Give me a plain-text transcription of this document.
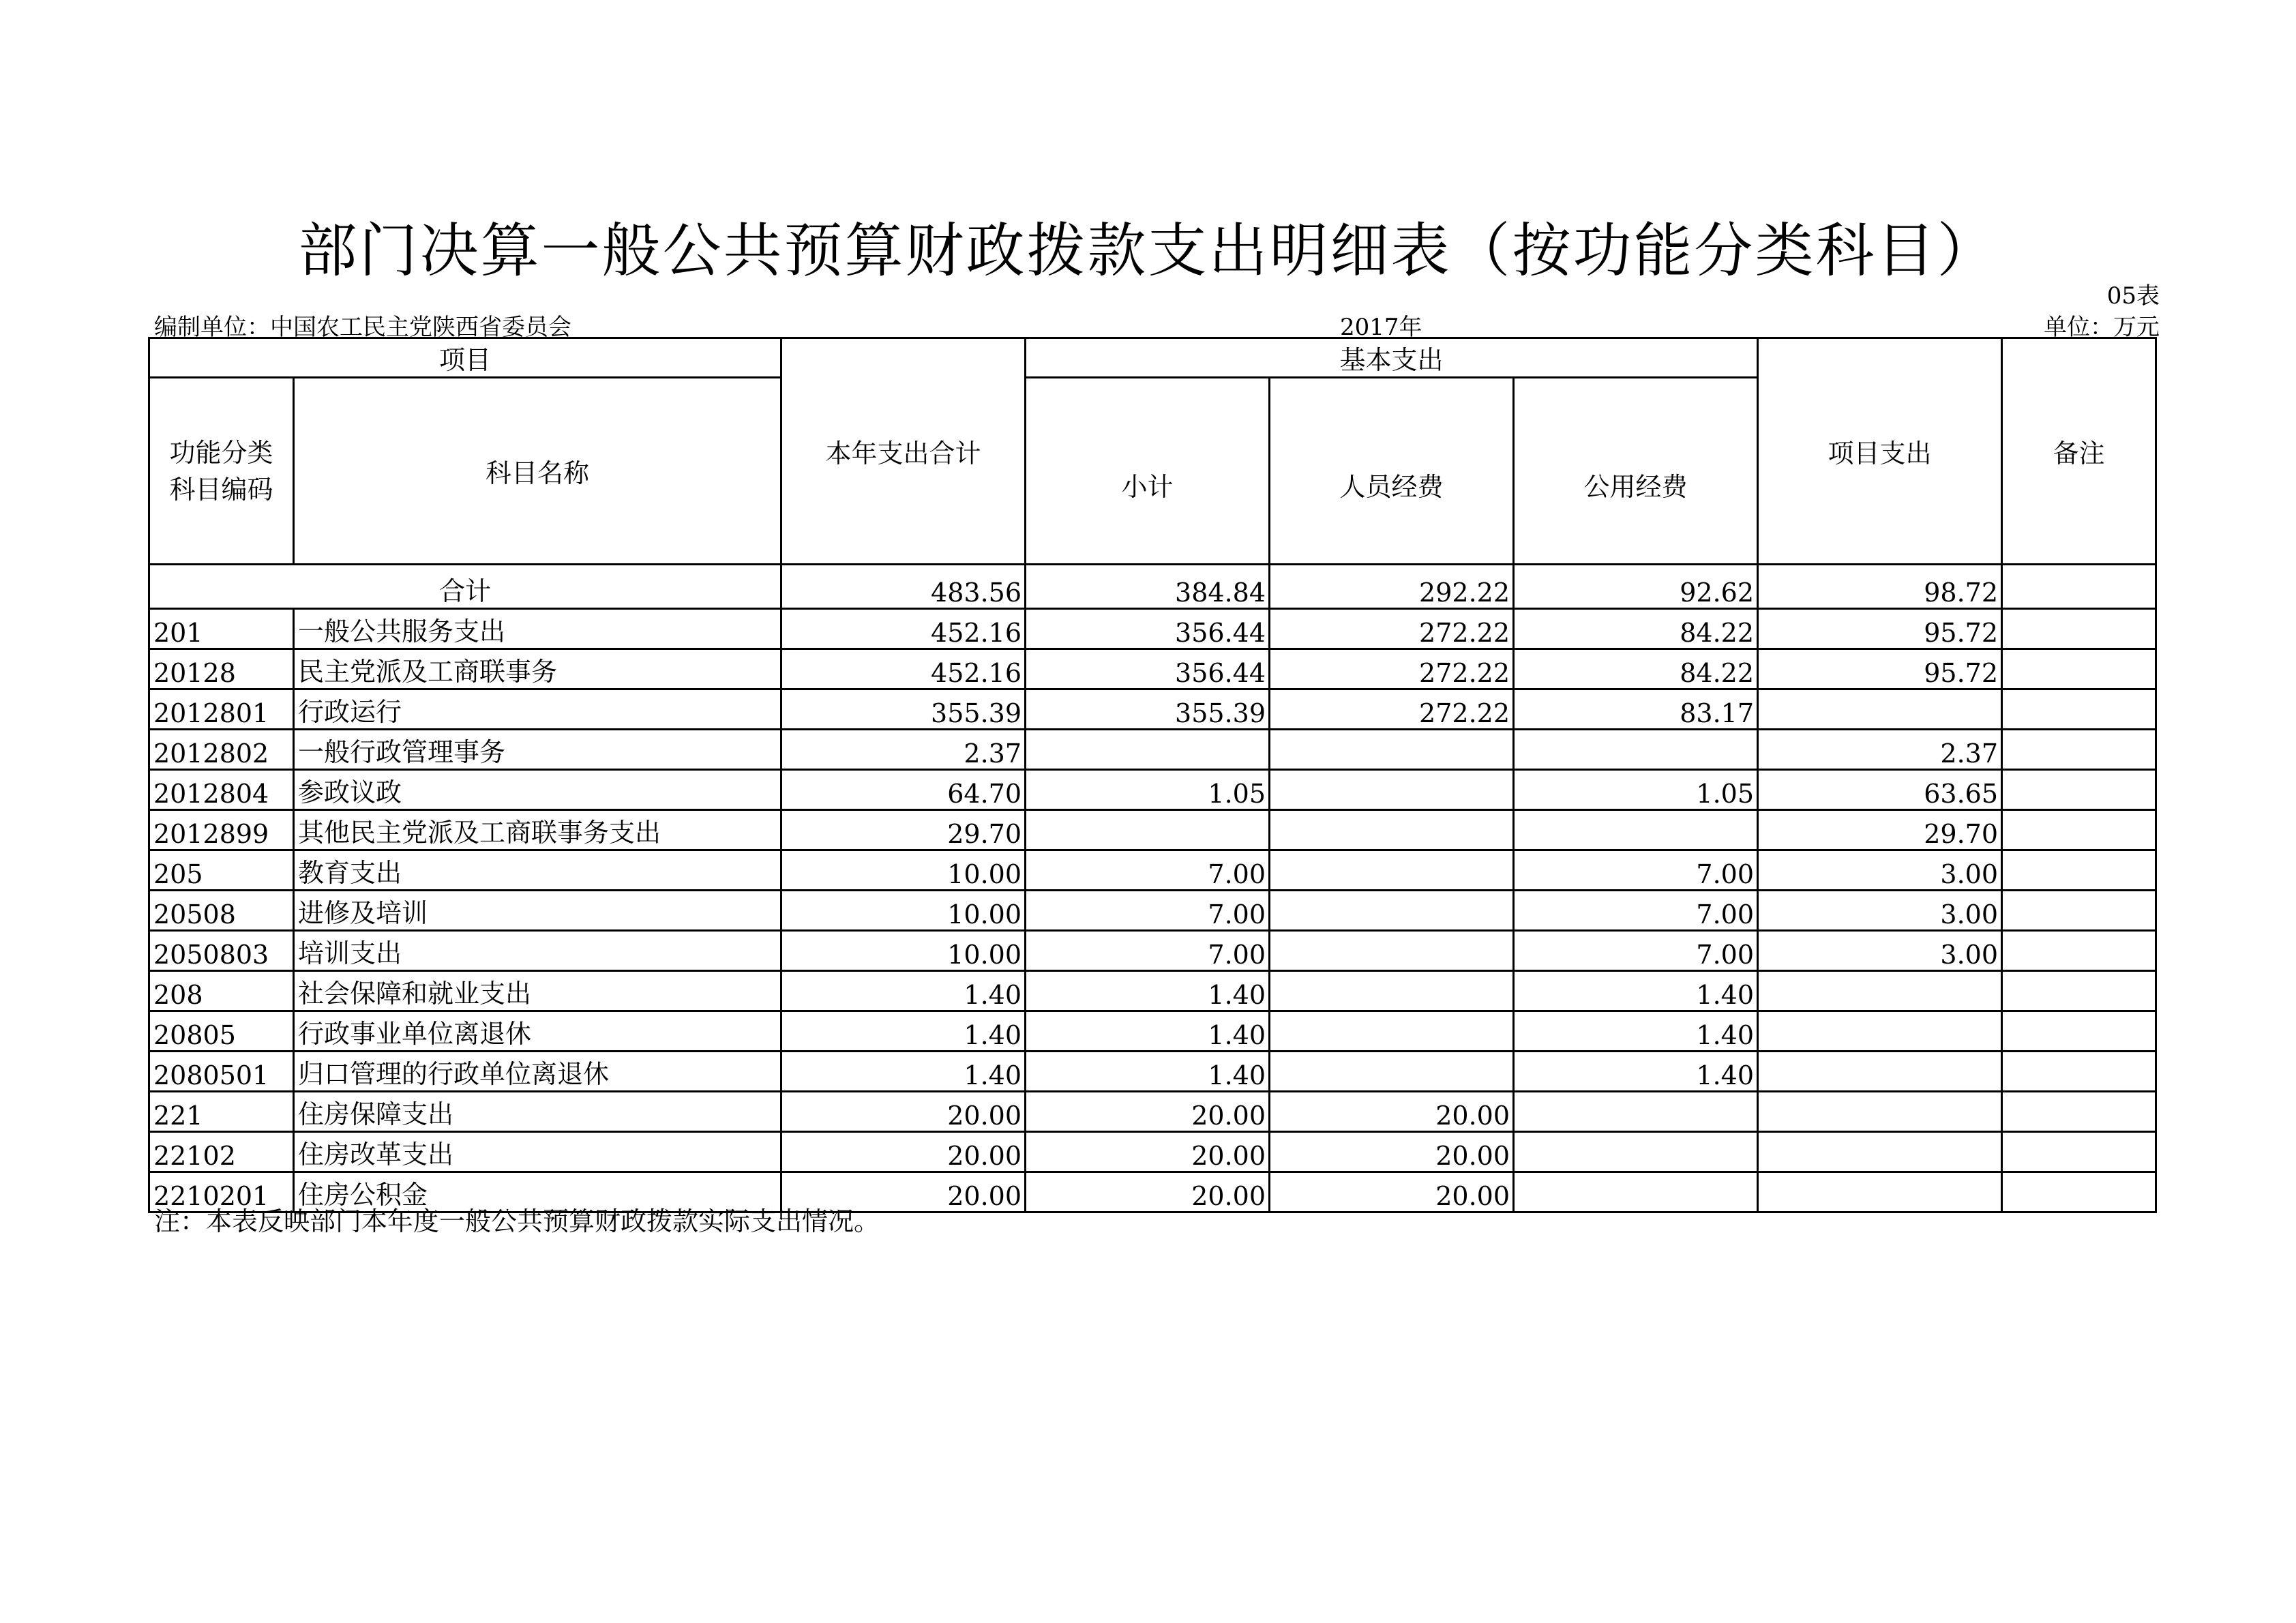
部门决算一般公共预算财政拨款支出明细表（按功能分类科目）
05表
编制单位：中国农工民主党陕西省委员会	2017年	单位：万元
项目		本年支出合计	基本支出			项目支出	备注
功能分类
科目编码	科目名称		小计	人员经费	公用经费		
合计		483.56	384.84	292.22	92.62	98.72	
201	一般公共服务支出	452.16	356.44	272.22	84.22	95.72	
20128	民主党派及工商联事务	452.16	356.44	272.22	84.22	95.72	
2012801	行政运行	355.39	355.39	272.22	83.17		
2012802	一般行政管理事务	2.37				2.37	
2012804	参政议政	64.70	1.05		1.05	63.65	
2012899	其他民主党派及工商联事务支出	29.70				29.70	
205	教育支出	10.00	7.00		7.00	3.00	
20508	进修及培训	10.00	7.00		7.00	3.00	
2050803	培训支出	10.00	7.00		7.00	3.00	
208	社会保障和就业支出	1.40	1.40		1.40		
20805	行政事业单位离退休	1.40	1.40		1.40		
2080501	归口管理的行政单位离退休	1.40	1.40		1.40		
221	住房保障支出	20.00	20.00	20.00			
22102	住房改革支出	20.00	20.00	20.00			
2210201	住房公积金	20.00	20.00	20.00			
注：本表反映部门本年度一般公共预算财政拨款实际支出情况。
